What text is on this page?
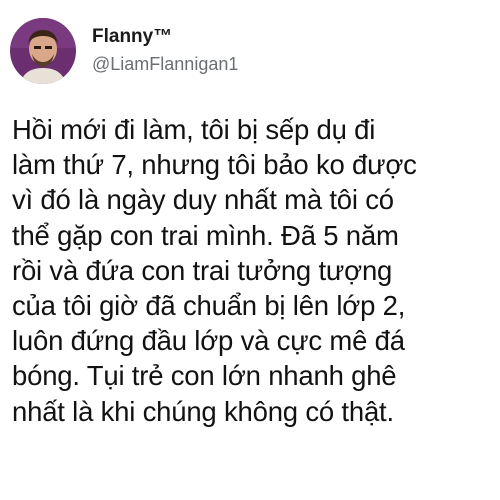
Flanny™
@LiamFlannigan1

Hồi mới đi làm, tôi bị sếp dụ đi
làm thứ 7, nhưng tôi bảo ko được
vì đó là ngày duy nhất mà tôi có
thể gặp con trai mình. Đã 5 năm
rồi và đứa con trai tưởng tượng
của tôi giờ đã chuẩn bị lên lớp 2,
luôn đứng đầu lớp và cực mê đá
bóng. Tụi trẻ con lớn nhanh ghê
nhất là khi chúng không có thật.
